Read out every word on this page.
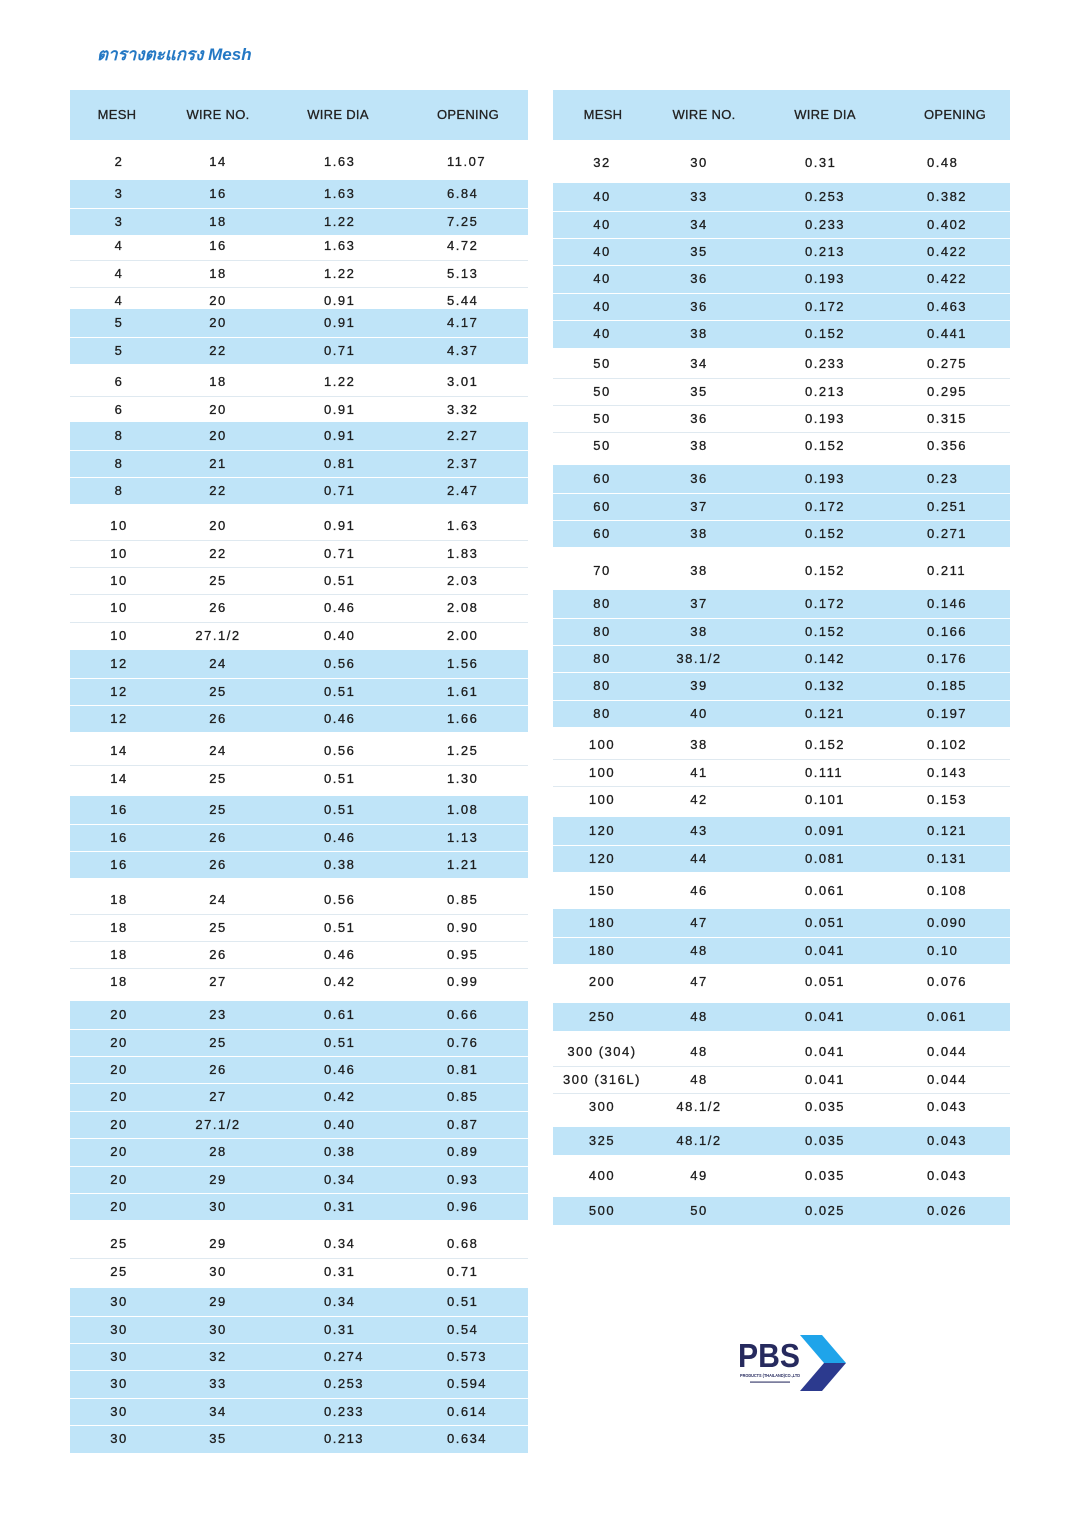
ตารางตะแกรง Mesh
MESH	WIRE NO.	WIRE DIA	OPENING
2	14	1.63	11.07
3	16	1.63	6.84
3	18	1.22	7.25
4	16	1.63	4.72
4	18	1.22	5.13
4	20	0.91	5.44
5	20	0.91	4.17
5	22	0.71	4.37
6	18	1.22	3.01
6	20	0.91	3.32
8	20	0.91	2.27
8	21	0.81	2.37
8	22	0.71	2.47
10	20	0.91	1.63
10	22	0.71	1.83
10	25	0.51	2.03
10	26	0.46	2.08
10	27.1/2	0.40	2.00
12	24	0.56	1.56
12	25	0.51	1.61
12	26	0.46	1.66
14	24	0.56	1.25
14	25	0.51	1.30
16	25	0.51	1.08
16	26	0.46	1.13
16	26	0.38	1.21
18	24	0.56	0.85
18	25	0.51	0.90
18	26	0.46	0.95
18	27	0.42	0.99
20	23	0.61	0.66
20	25	0.51	0.76
20	26	0.46	0.81
20	27	0.42	0.85
20	27.1/2	0.40	0.87
20	28	0.38	0.89
20	29	0.34	0.93
20	30	0.31	0.96
25	29	0.34	0.68
25	30	0.31	0.71
30	29	0.34	0.51
30	30	0.31	0.54
30	32	0.274	0.573
30	33	0.253	0.594
30	34	0.233	0.614
30	35	0.213	0.634
MESH	WIRE NO.	WIRE DIA	OPENING
32	30	0.31	0.48
40	33	0.253	0.382
40	34	0.233	0.402
40	35	0.213	0.422
40	36	0.193	0.422
40	36	0.172	0.463
40	38	0.152	0.441
50	34	0.233	0.275
50	35	0.213	0.295
50	36	0.193	0.315
50	38	0.152	0.356
60	36	0.193	0.23
60	37	0.172	0.251
60	38	0.152	0.271
70	38	0.152	0.211
80	37	0.172	0.146
80	38	0.152	0.166
80	38.1/2	0.142	0.176
80	39	0.132	0.185
80	40	0.121	0.197
100	38	0.152	0.102
100	41	0.111	0.143
100	42	0.101	0.153
120	43	0.091	0.121
120	44	0.081	0.131
150	46	0.061	0.108
180	47	0.051	0.090
180	48	0.041	0.10
200	47	0.051	0.076
250	48	0.041	0.061
300 (304)	48	0.041	0.044
300 (316L)	48	0.041	0.044
300	48.1/2	0.035	0.043
325	48.1/2	0.035	0.043
400	49	0.035	0.043
500	50	0.025	0.026
PBS
PRODUCTS (THAILAND)CO.,LTD
